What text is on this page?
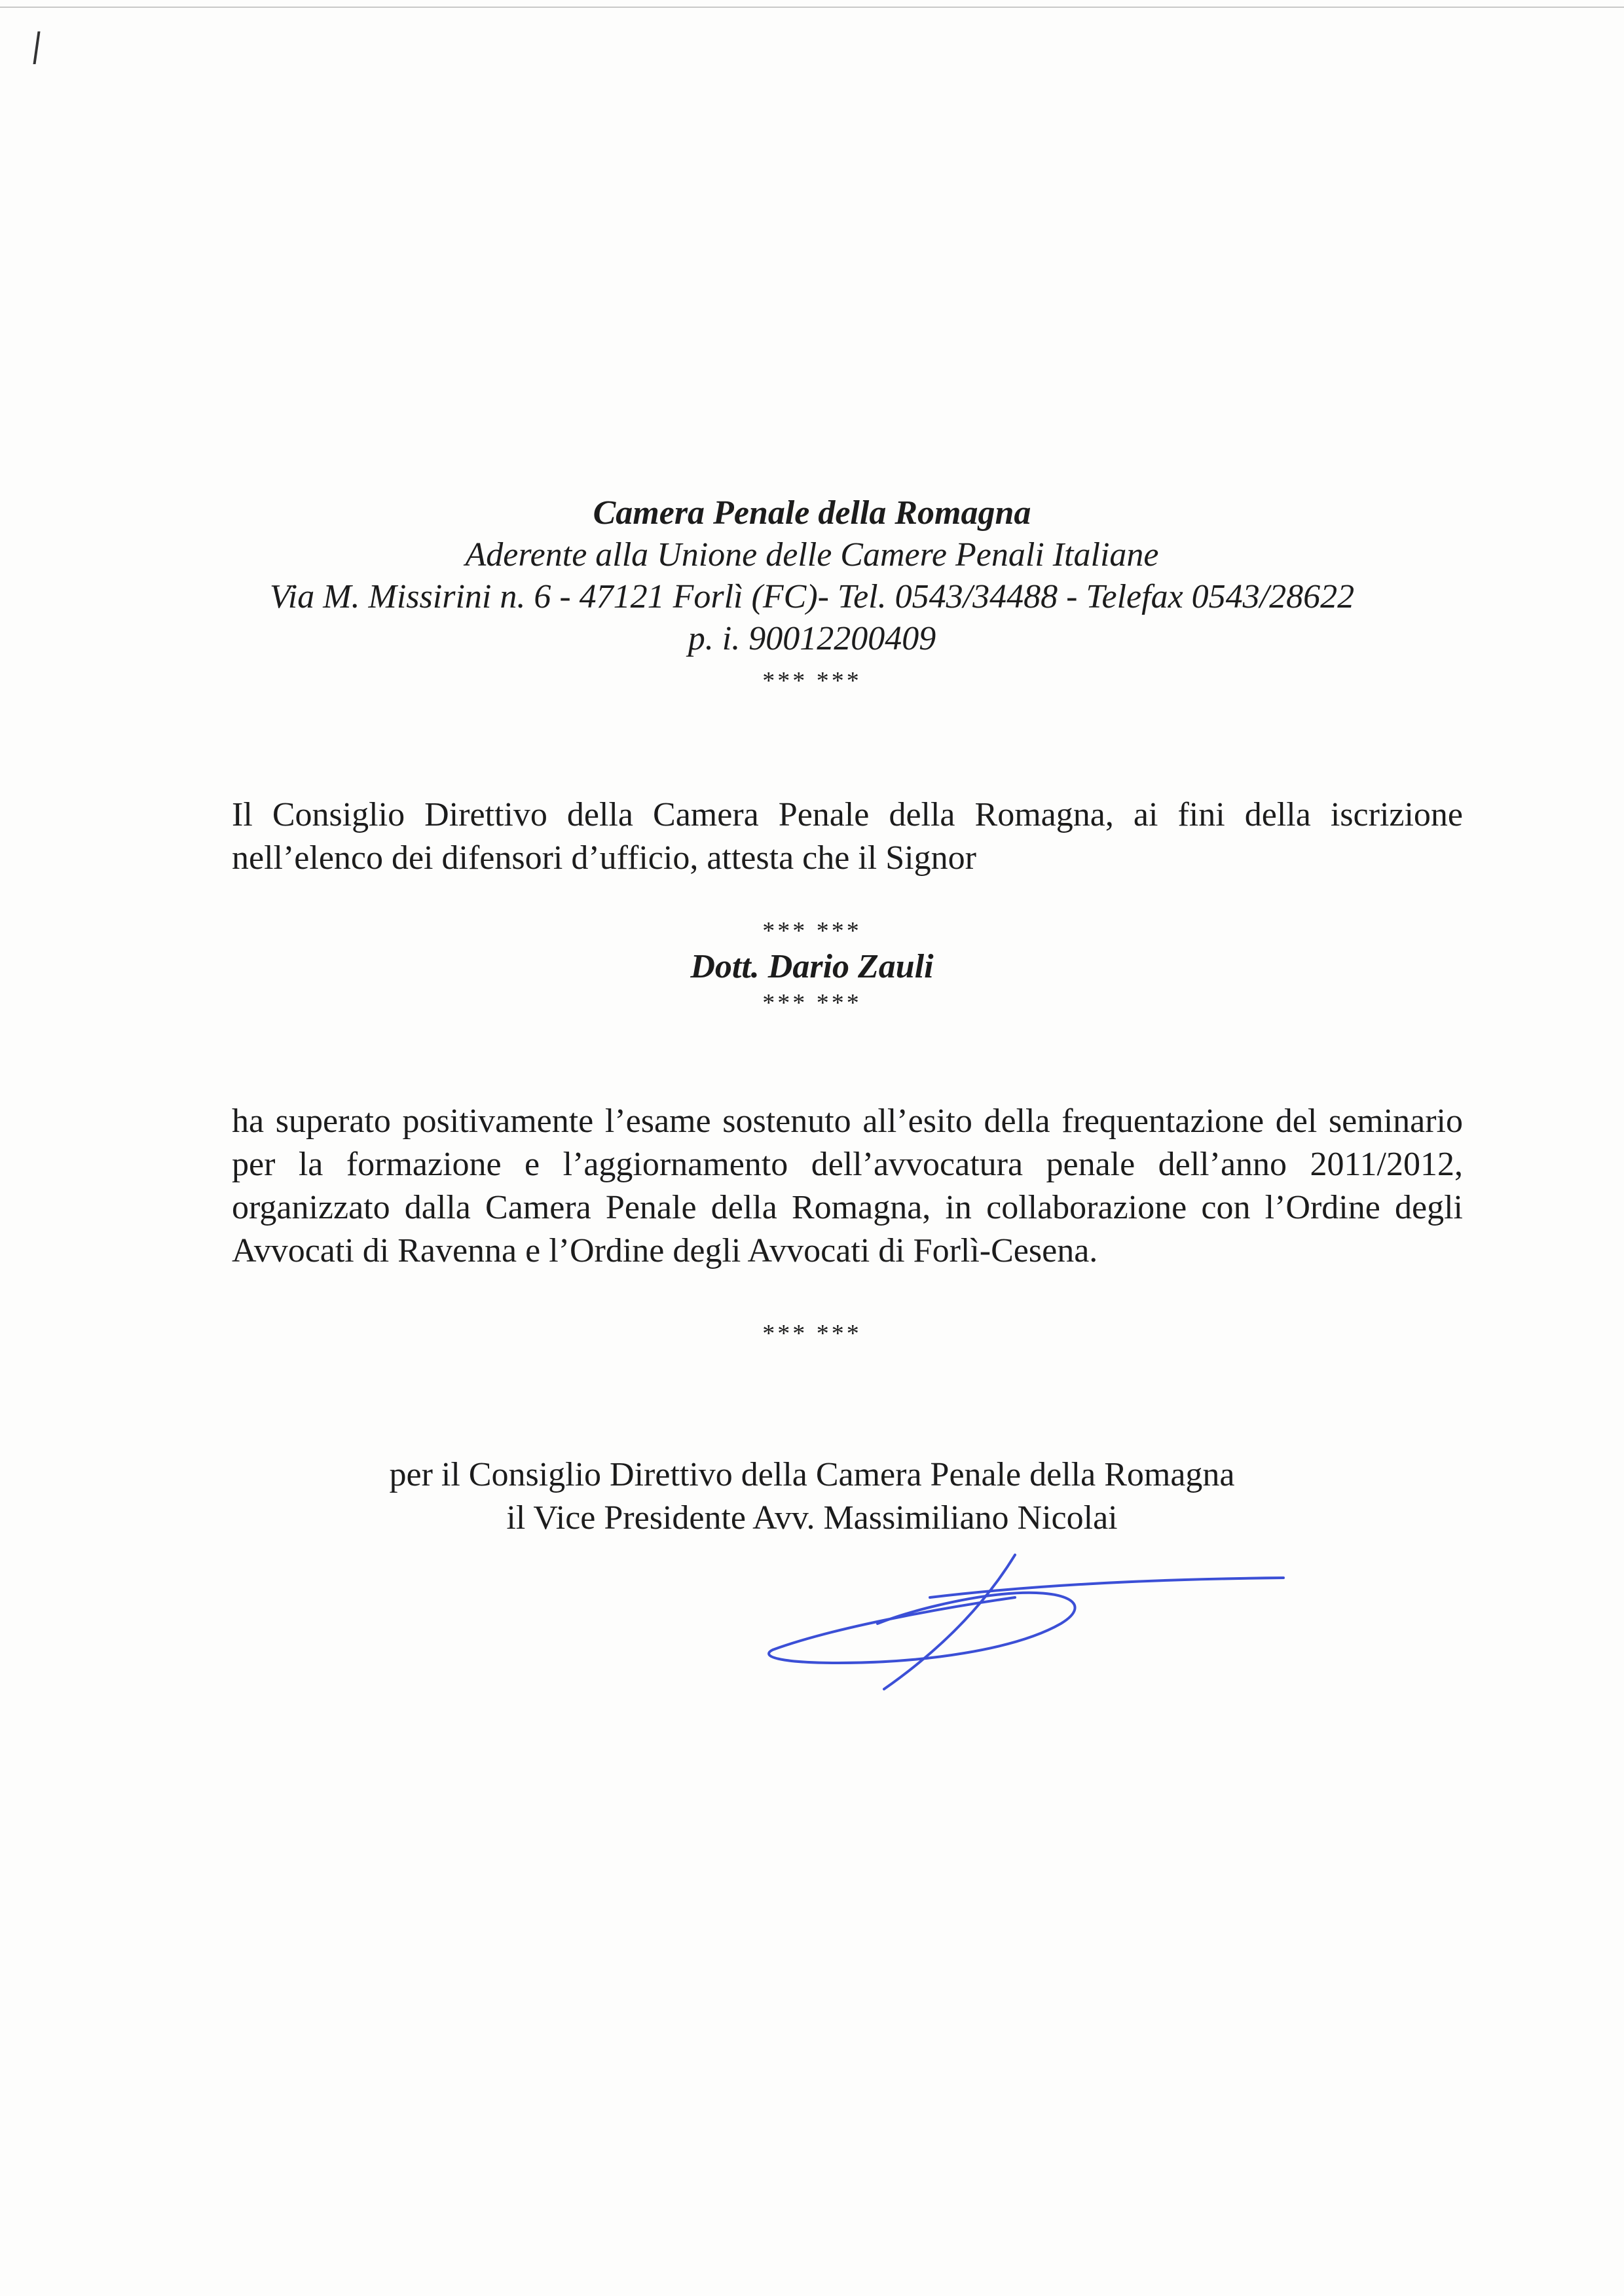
Camera Penale della Romagna
Aderente alla Unione delle Camere Penali Italiane
Via M. Missirini n. 6 - 47121 Forlì (FC)- Tel. 0543/34488 - Telefax 0543/28622
p. i. 90012200409
*** ***
Il Consiglio Direttivo della Camera Penale della Romagna, ai fini della iscrizione nell’elenco dei difensori d’ufficio, attesta che il Signor
*** ***
Dott. Dario Zauli
*** ***
ha superato positivamente l’esame sostenuto all’esito della frequentazione del seminario per la formazione e l’aggiornamento dell’avvocatura penale dell’anno 2011/2012, organizzato dalla Camera Penale della Romagna, in collaborazione con l’Ordine degli Avvocati di Ravenna e l’Ordine degli Avvocati di Forlì-Cesena.
*** ***
per il Consiglio Direttivo della Camera Penale della Romagna
il Vice Presidente Avv. Massimiliano Nicolai
